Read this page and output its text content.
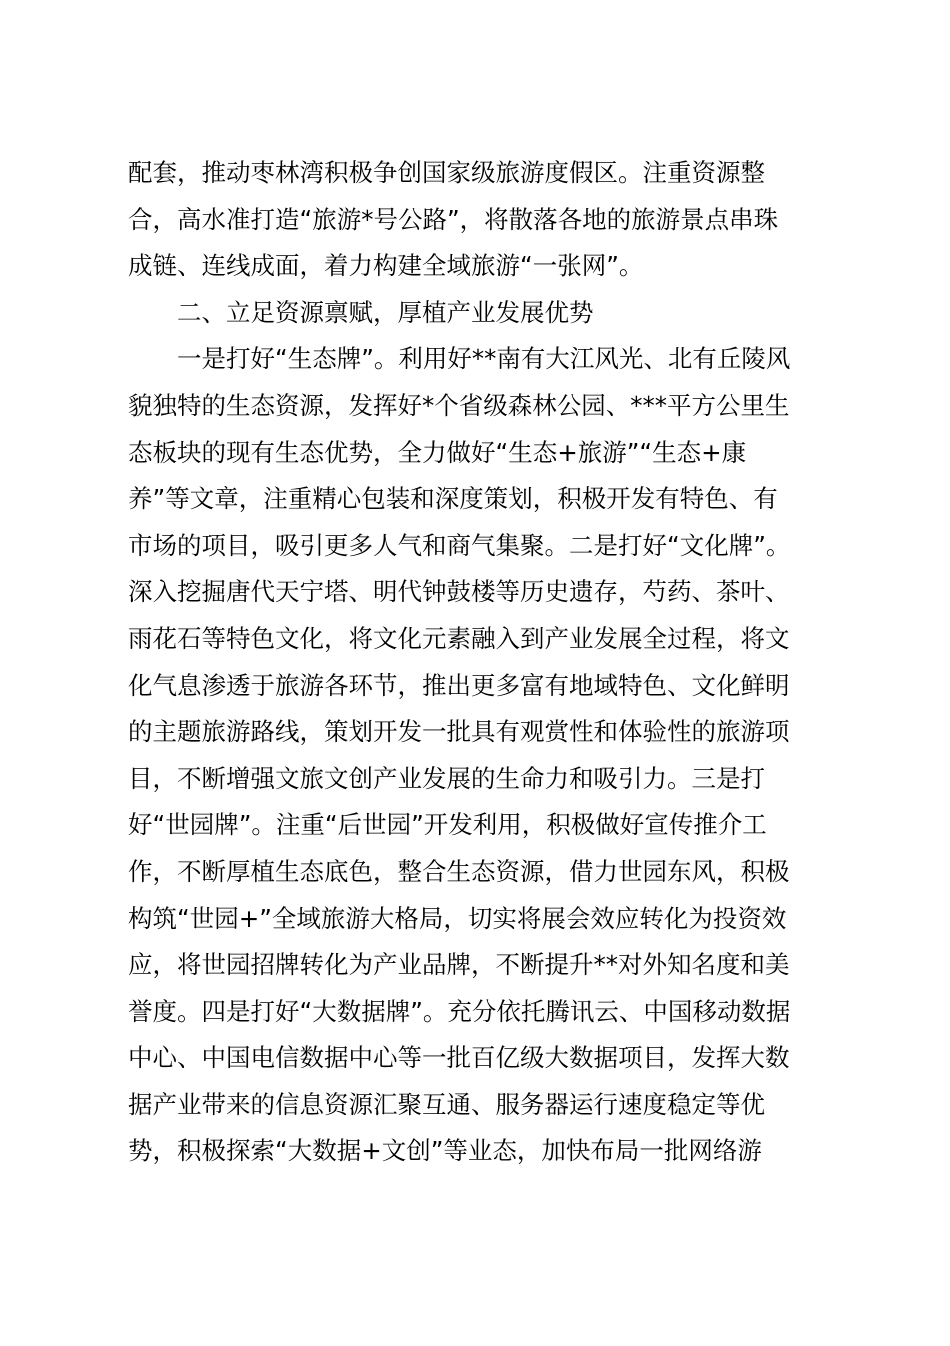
配套，推动枣林湾积极争创国家级旅游度假区。注重资源整
合，高水准打造“旅游*号公路”，将散落各地的旅游景点串珠
成链、连线成面，着力构建全域旅游“一张网”。
二、立足资源禀赋，厚植产业发展优势
一是打好“生态牌”。利用好**南有大江风光、北有丘陵风
貌独特的生态资源，发挥好*个省级森林公园、***平方公里生
态板块的现有生态优势，全力做好“生态+旅游”“生态+康
养”等文章，注重精心包装和深度策划，积极开发有特色、有
市场的项目，吸引更多人气和商气集聚。二是打好“文化牌”。
深入挖掘唐代天宁塔、明代钟鼓楼等历史遗存，芍药、茶叶、
雨花石等特色文化，将文化元素融入到产业发展全过程，将文
化气息渗透于旅游各环节，推出更多富有地域特色、文化鲜明
的主题旅游路线，策划开发一批具有观赏性和体验性的旅游项
目，不断增强文旅文创产业发展的生命力和吸引力。三是打
好“世园牌”。注重“后世园”开发利用，积极做好宣传推介工
作，不断厚植生态底色，整合生态资源，借力世园东风，积极
构筑“世园+”全域旅游大格局，切实将展会效应转化为投资效
应，将世园招牌转化为产业品牌，不断提升**对外知名度和美
誉度。四是打好“大数据牌”。充分依托腾讯云、中国移动数据
中心、中国电信数据中心等一批百亿级大数据项目，发挥大数
据产业带来的信息资源汇聚互通、服务器运行速度稳定等优
势，积极探索“大数据+文创”等业态，加快布局一批网络游
